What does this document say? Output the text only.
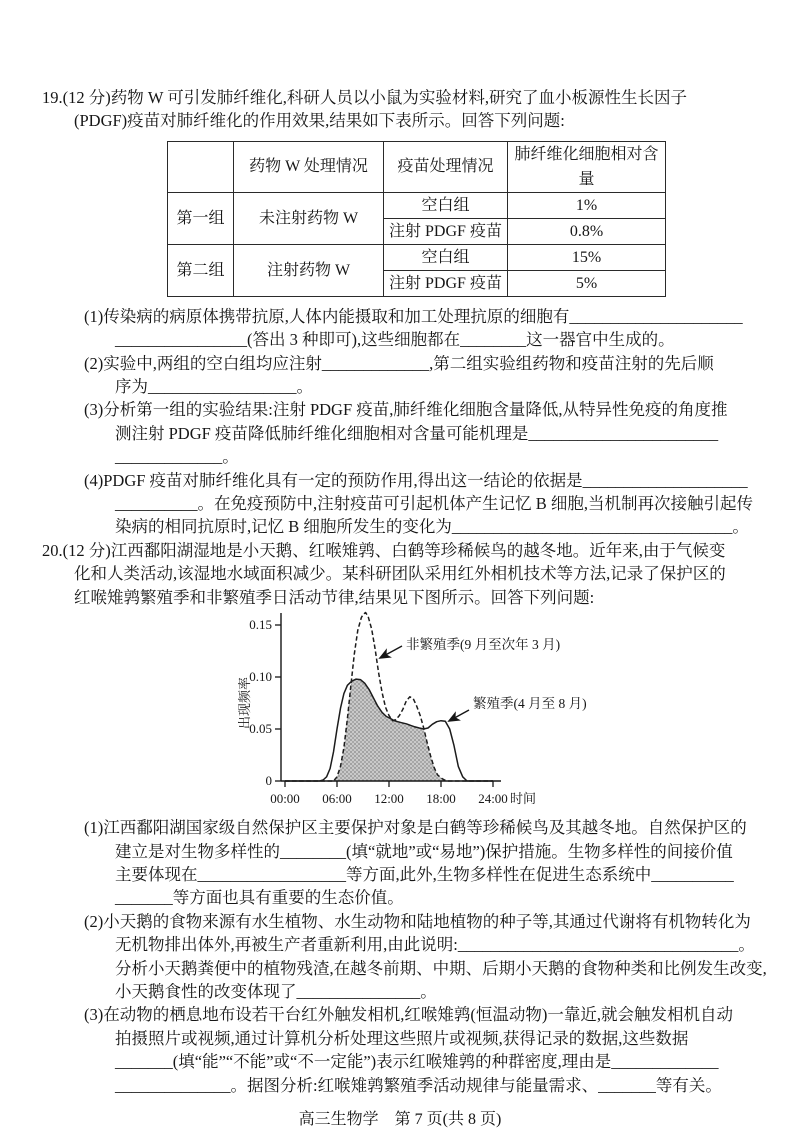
19.(12 分)药物 W 可引发肺纤维化,科研人员以小鼠为实验材料,研究了血小板源性生长因子
(PDGF)疫苗对肺纤维化的作用效果,结果如下表所示。回答下列问题:
	药物 W 处理情况	疫苗处理情况	肺纤维化细胞相对含量
第一组	未注射药物 W	空白组	1%
		注射 PDGF 疫苗	0.8%
第二组	注射药物 W	空白组	15%
		注射 PDGF 疫苗	5%
(1)传染病的病原体携带抗原,人体内能摄取和加工处理抗原的细胞有_____________________
________________(答出 3 种即可),这些细胞都在________这一器官中生成的。
(2)实验中,两组的空白组均应注射_____________,第二组实验组药物和疫苗注射的先后顺
序为__________________。
(3)分析第一组的实验结果:注射 PDGF 疫苗,肺纤维化细胞含量降低,从特异性免疫的角度推
测注射 PDGF 疫苗降低肺纤维化细胞相对含量可能机理是_______________________
_____________。
(4)PDGF 疫苗对肺纤维化具有一定的预防作用,得出这一结论的依据是____________________
__________。在免疫预防中,注射疫苗可引起机体产生记忆 B 细胞,当机制再次接触引起传
染病的相同抗原时,记忆 B 细胞所发生的变化为__________________________________。
20.(12 分)江西鄱阳湖湿地是小天鹅、红喉雉鹑、白鹤等珍稀候鸟的越冬地。近年来,由于气候变
化和人类活动,该湿地水域面积减少。某科研团队采用红外相机技术等方法,记录了保护区的
红喉雉鹑繁殖季和非繁殖季日活动节律,结果见下图所示。回答下列问题:
0.15
0.10
0.05
0
出现频率
00:00 06:00 12:00 18:00 24:00 时间
非繁殖季(9 月至次年 3 月)
繁殖季(4 月至 8 月)
(1)江西鄱阳湖国家级自然保护区主要保护对象是白鹤等珍稀候鸟及其越冬地。自然保护区的
建立是对生物多样性的________(填“就地”或“易地”)保护措施。生物多样性的间接价值
主要体现在__________________等方面,此外,生物多样性在促进生态系统中__________
_______等方面也具有重要的生态价值。
(2)小天鹅的食物来源有水生植物、水生动物和陆地植物的种子等,其通过代谢将有机物转化为
无机物排出体外,再被生产者重新利用,由此说明:__________________________________。
分析小天鹅粪便中的植物残渣,在越冬前期、中期、后期小天鹅的食物种类和比例发生改变,
小天鹅食性的改变体现了_______________。
(3)在动物的栖息地布设若干台红外触发相机,红喉雉鹑(恒温动物)一靠近,就会触发相机自动
拍摄照片或视频,通过计算机分析处理这些照片或视频,获得记录的数据,这些数据
_______(填“能”“不能”或“不一定能”)表示红喉雉鹑的种群密度,理由是_____________
______________。据图分析:红喉雉鹑繁殖季活动规律与能量需求、_______等有关。
高三生物学　第 7 页(共 8 页)
